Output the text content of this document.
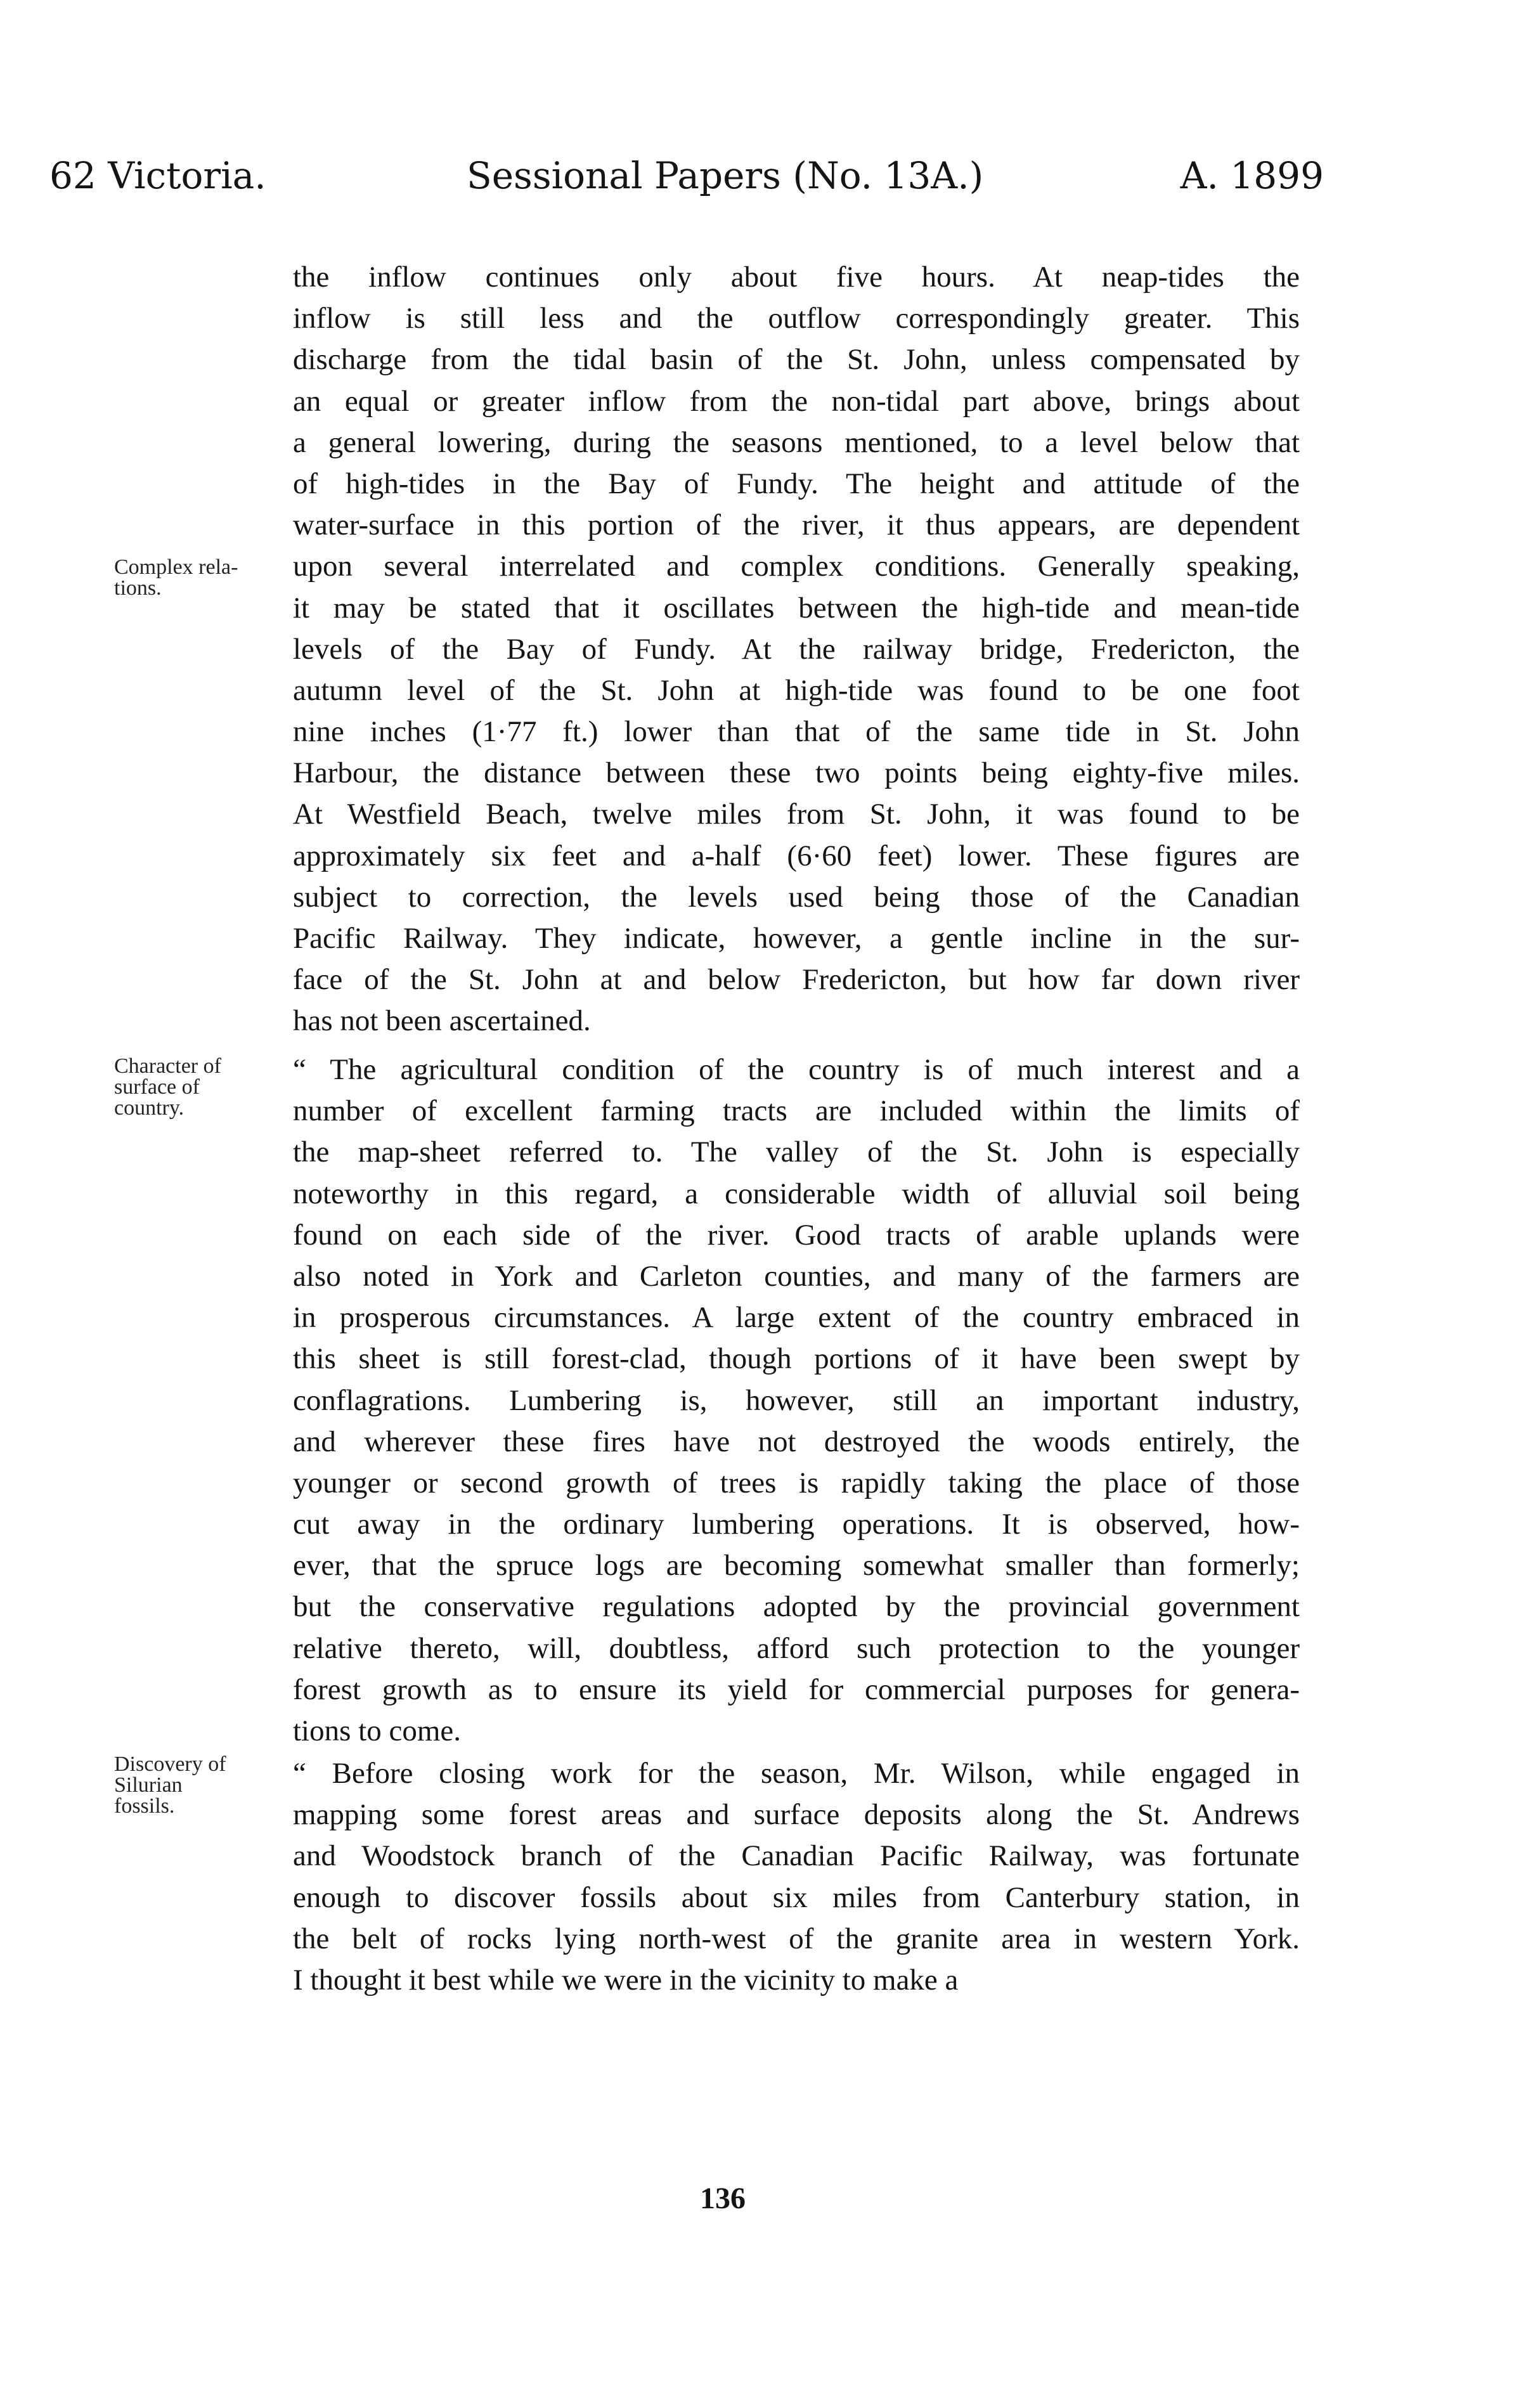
62 Victoria.	Sessional Papers (No. 13A.)	A. 1899
Complex rela-
tions.
Character of
surface of
country.
Discovery of
Silurian
fossils.
the inflow continues only about five hours. At neap-tides the
inflow is still less and the outflow correspondingly greater. This
discharge from the tidal basin of the St. John, unless compensated by
an equal or greater inflow from the non-tidal part above, brings about
a general lowering, during the seasons mentioned, to a level below that
of high-tides in the Bay of Fundy. The height and attitude of the
water-surface in this portion of the river, it thus appears, are dependent
upon several interrelated and complex conditions. Generally speaking,
it may be stated that it oscillates between the high-tide and mean-tide
levels of the Bay of Fundy. At the railway bridge, Fredericton, the
autumn level of the St. John at high-tide was found to be one foot
nine inches (1·77 ft.) lower than that of the same tide in St. John
Harbour, the distance between these two points being eighty-five miles.
At Westfield Beach, twelve miles from St. John, it was found to be
approximately six feet and a-half (6·60 feet) lower. These figures are
subject to correction, the levels used being those of the Canadian
Pacific Railway. They indicate, however, a gentle incline in the sur-
face of the St. John at and below Fredericton, but how far down river
has not been ascertained.
“ The agricultural condition of the country is of much interest and a
number of excellent farming tracts are included within the limits of
the map-sheet referred to. The valley of the St. John is especially
noteworthy in this regard, a considerable width of alluvial soil being
found on each side of the river. Good tracts of arable uplands were
also noted in York and Carleton counties, and many of the farmers are
in prosperous circumstances. A large extent of the country embraced in
this sheet is still forest-clad, though portions of it have been swept by
conflagrations. Lumbering is, however, still an important industry,
and wherever these fires have not destroyed the woods entirely, the
younger or second growth of trees is rapidly taking the place of those
cut away in the ordinary lumbering operations. It is observed, how-
ever, that the spruce logs are becoming somewhat smaller than formerly;
but the conservative regulations adopted by the provincial government
relative thereto, will, doubtless, afford such protection to the younger
forest growth as to ensure its yield for commercial purposes for genera-
tions to come.
“ Before closing work for the season, Mr. Wilson, while engaged in
mapping some forest areas and surface deposits along the St. Andrews
and Woodstock branch of the Canadian Pacific Railway, was fortunate
enough to discover fossils about six miles from Canterbury station, in
the belt of rocks lying north-west of the granite area in western York.
I thought it best while we were in the vicinity to make a
136
